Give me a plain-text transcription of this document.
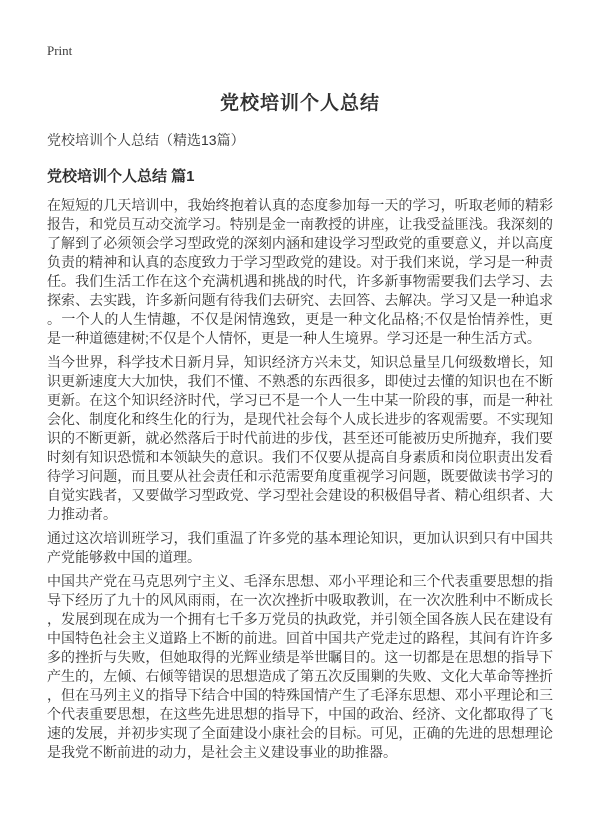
Print
党校培训个人总结

党校培训个人总结（精选13篇）

党校培训个人总结 篇1

在短短的几天培训中，我始终抱着认真的态度参加每一天的学习，听取老师的精彩报告，和党员互动交流学习。特别是金一南教授的讲座，让我受益匪浅。我深刻的了解到了必须领会学习型政党的深刻内涵和建设学习型政党的重要意义，并以高度负责的精神和认真的态度致力于学习型政党的建设。对于我们来说，学习是一种责任。我们生活工作在这个充满机遇和挑战的时代，许多新事物需要我们去学习、去探索、去实践，许多新问题有待我们去研究、去回答、去解决。学习又是一种追求。一个人的人生情趣，不仅是闲情逸致，更是一种文化品格;不仅是怡情养性，更是一种道德建树;不仅是个人情怀，更是一种人生境界。学习还是一种生活方式。

当今世界，科学技术日新月异，知识经济方兴未艾，知识总量呈几何级数增长，知识更新速度大大加快，我们不懂、不熟悉的东西很多，即使过去懂的知识也在不断更新。在这个知识经济时代，学习已不是一个人一生中某一阶段的事，而是一种社会化、制度化和终生化的行为，是现代社会每个人成长进步的客观需要。不实现知识的不断更新，就必然落后于时代前进的步伐，甚至还可能被历史所抛弃，我们要时刻有知识恐慌和本领缺失的意识。我们不仅要从提高自身素质和岗位职责出发看待学习问题，而且要从社会责任和示范需要角度重视学习问题，既要做读书学习的自觉实践者，又要做学习型政党、学习型社会建设的积极倡导者、精心组织者、大力推动者。

通过这次培训班学习，我们重温了许多党的基本理论知识，更加认识到只有中国共产党能够救中国的道理。

中国共产党在马克思列宁主义、毛泽东思想、邓小平理论和三个代表重要思想的指导下经历了九十的风风雨雨，在一次次挫折中吸取教训，在一次次胜利中不断成长，发展到现在成为一个拥有七千多万党员的执政党，并引领全国各族人民在建设有中国特色社会主义道路上不断的前进。回首中国共产党走过的路程，其间有许许多多的挫折与失败，但她取得的光辉业绩是举世瞩目的。这一切都是在思想的指导下产生的，左倾、右倾等错误的思想造成了第五次反围剿的失败、文化大革命等挫折，但在马列主义的指导下结合中国的特殊国情产生了毛泽东思想、邓小平理论和三个代表重要思想，在这些先进思想的指导下，中国的政治、经济、文化都取得了飞速的发展，并初步实现了全面建设小康社会的目标。可见，正确的先进的思想理论是我党不断前进的动力，是社会主义建设事业的助推器。
